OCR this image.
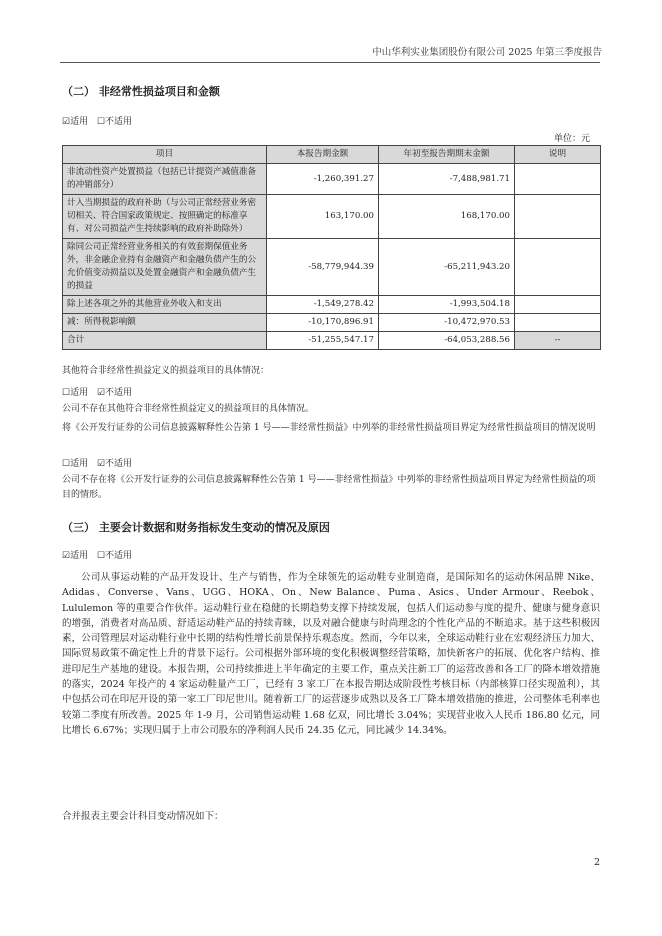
中山华利实业集团股份有限公司 2025 年第三季度报告
（二） 非经常性损益项目和金额
☑适用 ☐不适用
单位：元
项目	本报告期金额	年初至报告期期末金额	说明
非流动性资产处置损益（包括已计提资产减值准备的冲销部分）	-1,260,391.27	-7,488,981.71	
计入当期损益的政府补助（与公司正常经营业务密切相关、符合国家政策规定、按照确定的标准享有、对公司损益产生持续影响的政府补助除外）	163,170.00	168,170.00	
除同公司正常经营业务相关的有效套期保值业务外，非金融企业持有金融资产和金融负债产生的公允价值变动损益以及处置金融资产和金融负债产生的损益	-58,779,944.39	-65,211,943.20	
除上述各项之外的其他营业外收入和支出	-1,549,278.42	-1,993,504.18	
减：所得税影响额	-10,170,896.91	-10,472,970.53	
合计	-51,255,547.17	-64,053,288.56	--
其他符合非经常性损益定义的损益项目的具体情况：
☐适用 ☑不适用
公司不存在其他符合非经常性损益定义的损益项目的具体情况。
将《公开发行证券的公司信息披露解释性公告第 1 号——非经常性损益》中列举的非经常性损益项目界定为经常性损益项目的情况说明
☐适用 ☑不适用
公司不存在将《公开发行证券的公司信息披露解释性公告第 1 号——非经常性损益》中列举的非经常性损益项目界定为经常性损益的项目的情形。
（三） 主要会计数据和财务指标发生变动的情况及原因
☑适用 ☐不适用
公司从事运动鞋的产品开发设计、生产与销售，作为全球领先的运动鞋专业制造商，是国际知名的运动休闲品牌 Nike、Adidas、Converse、Vans、UGG、HOKA、On、New Balance、Puma、Asics、Under Armour、Reebok、Lululemon 等的重要合作伙伴。运动鞋行业在稳健的长期趋势支撑下持续发展，包括人们运动参与度的提升、健康与健身意识的增强，消费者对高品质、舒适运动鞋产品的持续青睐，以及对融合健康与时尚理念的个性化产品的不断追求。基于这些积极因素，公司管理层对运动鞋行业中长期的结构性增长前景保持乐观态度。然而，今年以来，全球运动鞋行业在宏观经济压力加大、国际贸易政策不确定性上升的背景下运行。公司根据外部环境的变化积极调整经营策略，加快新客户的拓展、优化客户结构、推进印尼生产基地的建设。本报告期，公司持续推进上半年确定的主要工作，重点关注新工厂的运营改善和各工厂的降本增效措施的落实，2024 年投产的 4 家运动鞋量产工厂，已经有 3 家工厂在本报告期达成阶段性考核目标（内部核算口径实现盈利），其中包括公司在印尼开设的第一家工厂印尼世川。随着新工厂的运营逐步成熟以及各工厂降本增效措施的推进，公司整体毛利率也较第二季度有所改善。2025 年 1-9 月，公司销售运动鞋 1.68 亿双，同比增长 3.04%；实现营业收入人民币 186.80 亿元，同比增长 6.67%；实现归属于上市公司股东的净利润人民币 24.35 亿元，同比减少 14.34%。
合并报表主要会计科目变动情况如下：
2
